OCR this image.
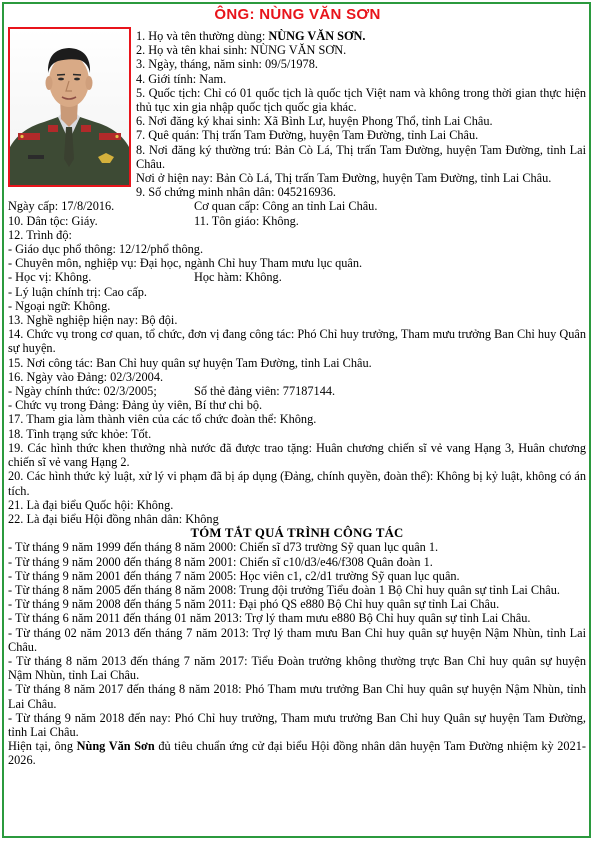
ÔNG: NÙNG VĂN SƠN
1. Họ và tên thường dùng: NÙNG VĂN SƠN.
2. Họ và tên khai sinh: NÙNG VĂN SƠN.
3. Ngày, tháng, năm sinh: 09/5/1978.
4. Giới tính: Nam.
5. Quốc tịch: Chỉ có 01 quốc tịch là quốc tịch Việt nam và không trong thời gian thực hiện thủ tục xin gia nhập quốc tịch quốc gia khác.
6. Nơi đăng ký khai sinh: Xã Bình Lư, huyện Phong Thổ, tỉnh Lai Châu.
7. Quê quán: Thị trấn Tam Đường, huyện Tam Đường, tỉnh Lai Châu.
8. Nơi đăng ký thường trú: Bản Cò Lá, Thị trấn Tam Đường, huyện Tam Đường, tỉnh Lai Châu.
Nơi ở hiện nay: Bản Cò Lá, Thị trấn Tam Đường, huyện Tam Đường, tỉnh Lai Châu.
9. Số chứng minh nhân dân: 045216936.
Ngày cấp: 17/8/2016.	Cơ quan cấp: Công an tỉnh Lai Châu.
10. Dân tộc: Giáy.	11. Tôn giáo: Không.
12. Trình độ:
- Giáo dục phổ thông: 12/12/phổ thông.
- Chuyên môn, nghiệp vụ: Đại học, ngành Chỉ huy Tham mưu lục quân.
- Học vị: Không.	Học hàm: Không.
- Lý luận chính trị: Cao cấp.
- Ngoại ngữ: Không.
13. Nghề nghiệp hiện nay: Bộ đội.
14. Chức vụ trong cơ quan, tổ chức, đơn vị đang công tác: Phó Chỉ huy trưởng, Tham mưu trưởng Ban Chỉ huy Quân sự huyện.
15. Nơi công tác: Ban Chỉ huy quân sự huyện Tam Đường, tỉnh Lai Châu.
16. Ngày vào Đảng: 02/3/2004.
- Ngày chính thức: 02/3/2005;	Số thẻ đảng viên: 77187144.
- Chức vụ trong Đảng: Đảng ủy viên, Bí thư chi bộ.
17. Tham gia làm thành viên của các tổ chức đoàn thể: Không.
18. Tình trạng sức khỏe: Tốt.
19. Các hình thức khen thưởng nhà nước đã được trao tặng: Huân chương chiến sĩ vẻ vang Hạng 3, Huân chương chiến sĩ vẻ vang Hạng 2.
20. Các hình thức kỷ luật, xử lý vi phạm đã bị áp dụng (Đảng, chính quyền, đoàn thể): Không bị kỷ luật, không có án tích.
21. Là đại biểu Quốc hội: Không.
22. Là đại biểu Hội đồng nhân dân: Không
TÓM TẮT QUÁ TRÌNH CÔNG TÁC
- Từ tháng 9 năm 1999 đến tháng 8 năm 2000: Chiến sĩ d73 trường Sỹ quan lục quân 1.
- Từ tháng 9 năm 2000 đến tháng 8 năm 2001: Chiến sĩ c10/d3/e46/f308 Quân đoàn 1.
- Từ tháng 9 năm 2001 đến tháng 7 năm 2005: Học viên c1, c2/d1 trường Sỹ quan lục quân.
- Từ tháng 8 năm 2005 đến tháng 8 năm 2008: Trung đội trưởng Tiểu đoàn 1 Bộ Chỉ huy quân sự tỉnh Lai Châu.
- Từ tháng 9 năm 2008 đến tháng 5 năm 2011: Đại phó QS e880 Bộ Chỉ huy quân sự tỉnh Lai Châu.
- Từ tháng 6 năm 2011 đến tháng 01 năm 2013: Trợ lý tham mưu e880 Bộ Chỉ huy quân sự tỉnh Lai Châu.
- Từ tháng 02 năm 2013 đến tháng 7 năm 2013: Trợ lý tham mưu Ban Chỉ huy quân sự huyện Nậm Nhùn, tỉnh Lai Châu.
- Từ tháng 8 năm 2013 đến tháng 7 năm 2017: Tiểu Đoàn trưởng không thường trực Ban Chỉ huy quân sự huyện Nậm Nhùn, tỉnh Lai Châu.
- Từ tháng 8 năm 2017 đến tháng 8 năm 2018: Phó Tham mưu trưởng Ban Chỉ huy quân sự huyện Nậm Nhùn, tỉnh Lai Châu.
- Từ tháng 9 năm 2018 đến nay: Phó Chỉ huy trưởng, Tham mưu trưởng Ban Chỉ huy Quân sự huyện Tam Đường, tỉnh Lai Châu.
Hiện tại, ông Nùng Văn Sơn đủ tiêu chuẩn ứng cử đại biểu Hội đồng nhân dân huyện Tam Đường nhiệm kỳ 2021-2026.
